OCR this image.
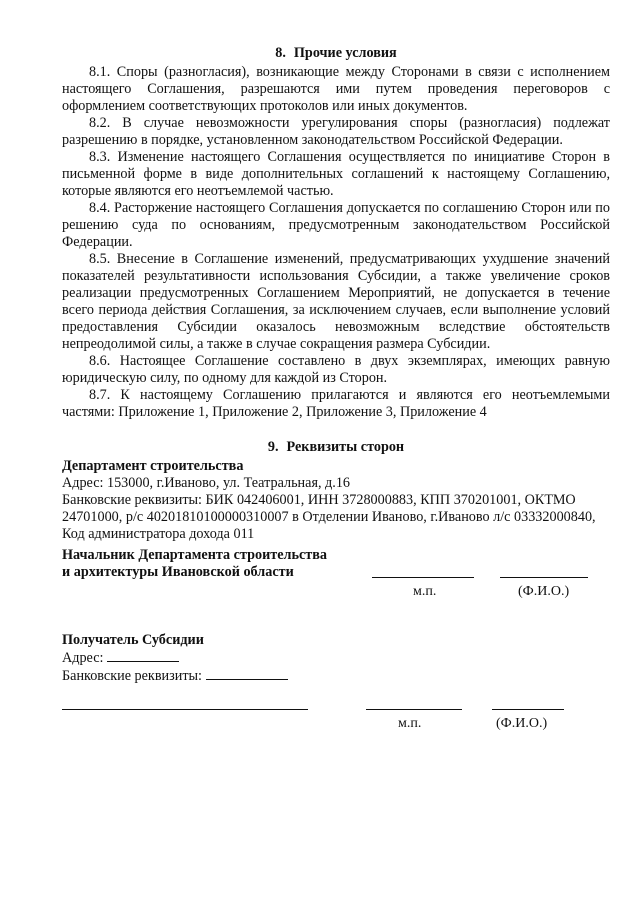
8. Прочие условия

8.1. Споры (разногласия), возникающие между Сторонами в связи с исполнением настоящего Соглашения, разрешаются ими путем проведения переговоров с оформлением соответствующих протоколов или иных документов.

8.2. В случае невозможности урегулирования споры (разногласия) подлежат разрешению в порядке, установленном законодательством Российской Федерации.

8.3. Изменение настоящего Соглашения осуществляется по инициативе Сторон в письменной форме в виде дополнительных соглашений к настоящему Соглашению, которые являются его неотъемлемой частью.

8.4. Расторжение настоящего Соглашения допускается по соглашению Сторон или по решению суда по основаниям, предусмотренным законодательством Российской Федерации.

8.5. Внесение в Соглашение изменений, предусматривающих ухудшение значений показателей результативности использования Субсидии, а также увеличение сроков реализации предусмотренных Соглашением Мероприятий, не допускается в течение всего периода действия Соглашения, за исключением случаев, если выполнение условий предоставления Субсидии оказалось невозможным вследствие обстоятельств непреодолимой силы, а также в случае сокращения размера Субсидии.

8.6. Настоящее Соглашение составлено в двух экземплярах, имеющих равную юридическую силу, по одному для каждой из Сторон.

8.7. К настоящему Соглашению прилагаются и являются его неотъемлемыми частями: Приложение 1, Приложение 2, Приложение 3, Приложение 4

9. Реквизиты сторон

Департамент строительства

Адрес: 153000, г.Иваново, ул. Театральная, д.16

Банковские реквизиты: БИК 042406001, ИНН 3728000883, КПП 370201001, ОКТМО

24701000, р/с 40201810100000310007 в Отделении Иваново, г.Иваново л/с 03332000840,

Код администратора дохода 011

Начальник Департамента строительства
и архитектуры Ивановской области
м.п.	(Ф.И.О.)
Получатель Субсидии
Адрес:
Банковские реквизиты:
м.п.	(Ф.И.О.)
